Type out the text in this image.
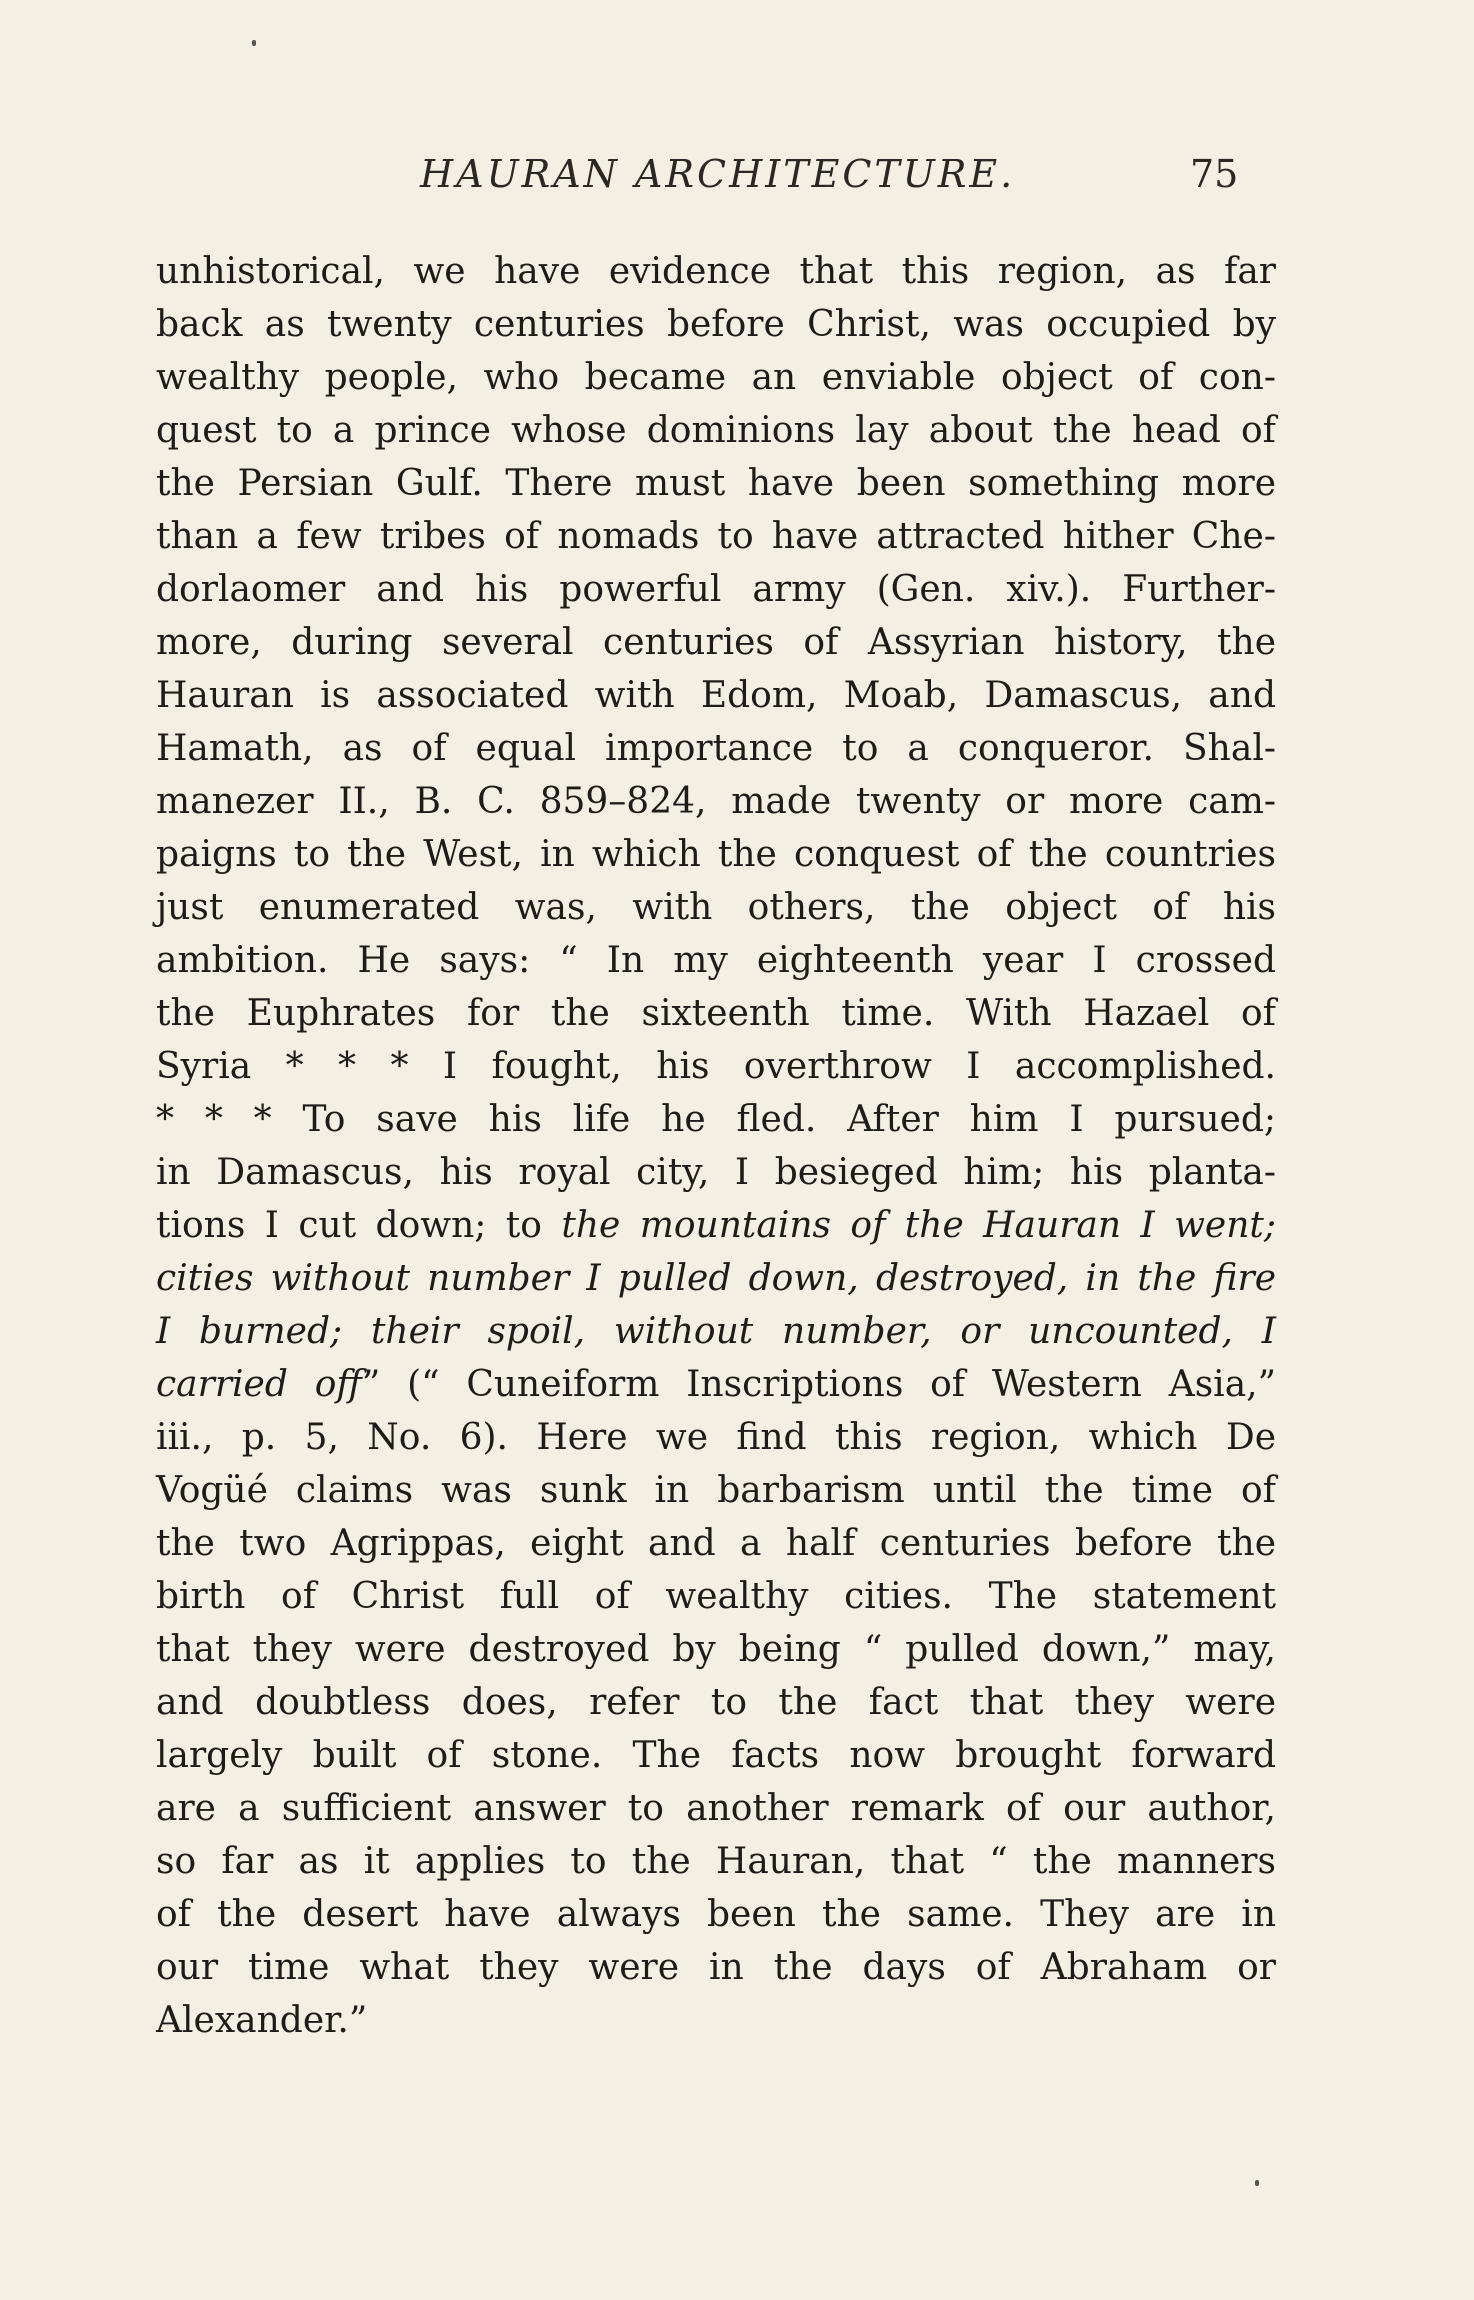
HAURAN ARCHITECTURE.	75
unhistorical, we have evidence that this region, as far
back as twenty centuries before Christ, was occupied by
wealthy people, who became an enviable object of con-
quest to a prince whose dominions lay about the head of
the Persian Gulf. There must have been something more
than a few tribes of nomads to have attracted hither Che-
dorlaomer and his powerful army (Gen. xiv.). Further-
more, during several centuries of Assyrian history, the
Hauran is associated with Edom, Moab, Damascus, and
Hamath, as of equal importance to a conqueror. Shal-
manezer II., B. C. 859–824, made twenty or more cam-
paigns to the West, in which the conquest of the countries
just enumerated was, with others, the object of his
ambition. He says: “ In my eighteenth year I crossed
the Euphrates for the sixteenth time. With Hazael of
Syria * * * I fought, his overthrow I accomplished.
* * * To save his life he fled. After him I pursued;
in Damascus, his royal city, I besieged him; his planta-
tions I cut down; to the mountains of the Hauran I went;
cities without number I pulled down, destroyed, in the fire
I burned; their spoil, without number, or uncounted, I
carried off” (“ Cuneiform Inscriptions of Western Asia,”
iii., p. 5, No. 6). Here we find this region, which De
Vogüé claims was sunk in barbarism until the time of
the two Agrippas, eight and a half centuries before the
birth of Christ full of wealthy cities. The statement
that they were destroyed by being “ pulled down,” may,
and doubtless does, refer to the fact that they were
largely built of stone. The facts now brought forward
are a sufficient answer to another remark of our author,
so far as it applies to the Hauran, that “ the manners
of the desert have always been the same. They are in
our time what they were in the days of Abraham or
Alexander.”
